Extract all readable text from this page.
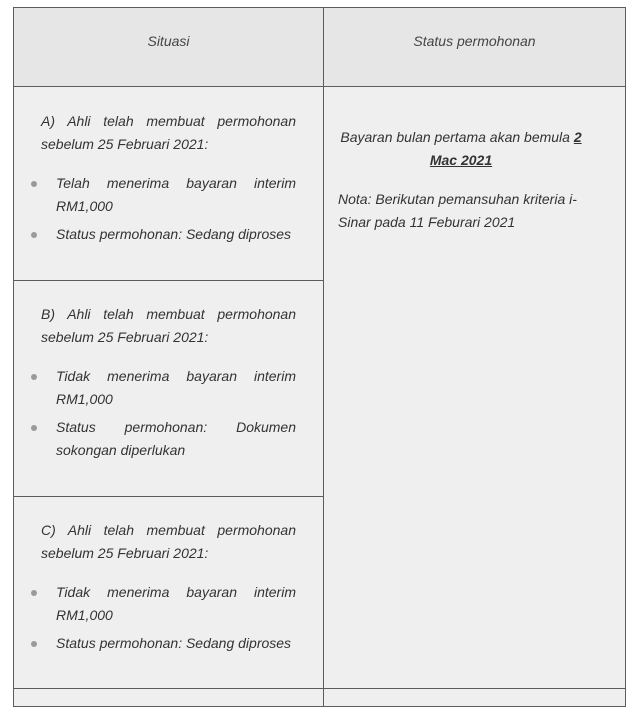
Situasi	Status permohonan

A) Ahli telah membuat permohonan sebelum 25 Februari 2021:

Telah menerima bayaran interim RM1,000
Status permohonan: Sedang diproses

B) Ahli telah membuat permohonan sebelum 25 Februari 2021:

Tidak menerima bayaran interim RM1,000
Status permohonan: Dokumen sokongan diperlukan

C) Ahli telah membuat permohonan sebelum 25 Februari 2021:

Tidak menerima bayaran interim RM1,000
Status permohonan: Sedang diproses

Bayaran bulan pertama akan bemula 2 Mac 2021

Nota: Berikutan pemansuhan kriteria i-Sinar pada 11 Feburari 2021
